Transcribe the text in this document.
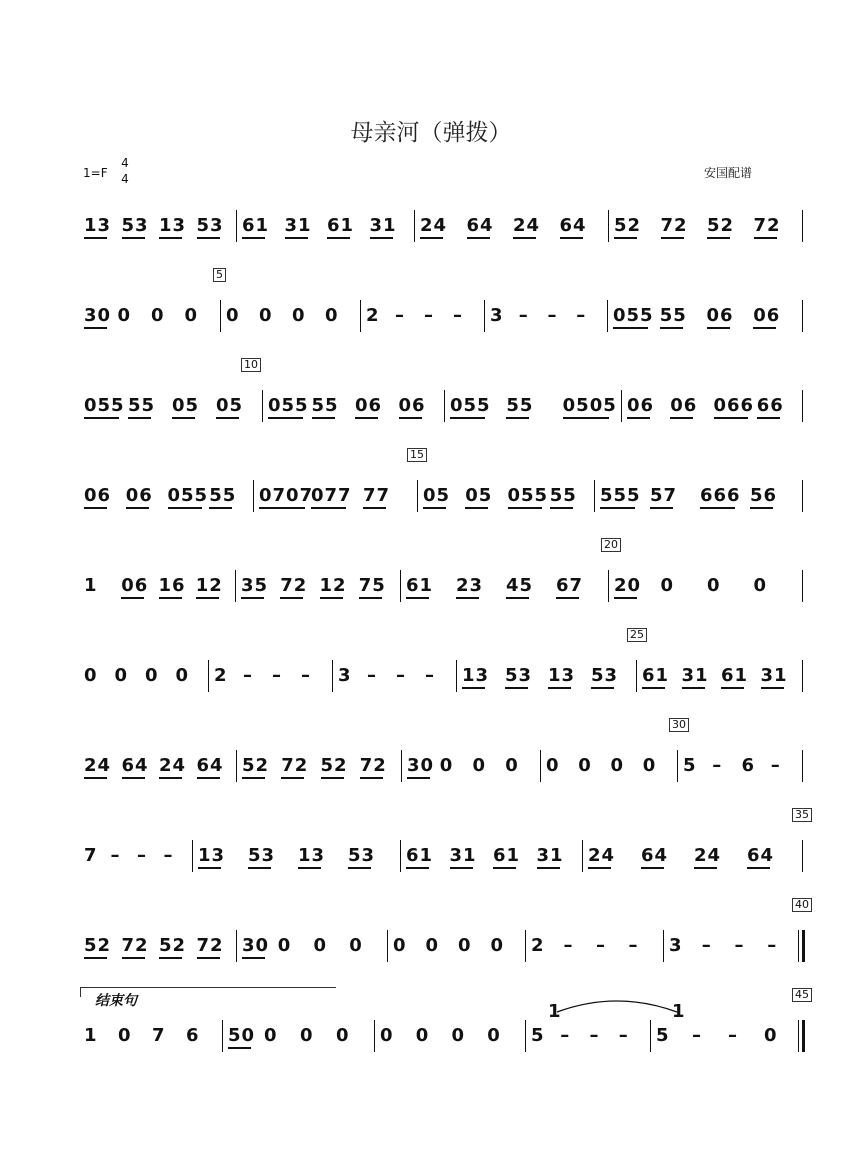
母亲河（弹拨）
1=F
4
4	安国配谱
13 53 13 53 61 31 61 31 24 64 24 64 52 72 52 72
30 0 0 0 0 0 0 0 2 – – – 3 – – – 055 55 06 06
5
055 55 05 05 055 55 06 06 055 55 0505 06 06 066 66
10
06 06 055 55 0707
077 77 05 05 055 55 555 57 666 56
15
1 06 16 12 35 72 12 75 61 23 45 67 20 0 0 0
20
0 0 0 0 2 – – – 3 – – – 13 53 13 53 61 31 61 31
25
24 64 24 64 52 72 52 72 30 0 0 0 0 0 0 0 5 – 6 –
30
7 – – – 13 53 13 53 61 31 61 31 24 64 24 64
35
52 72 52 72 30 0 0 0 0 0 0 0 2 – – – 3 – – –
40
1 0 7 6 50 0 0 0 0 0 0 0 5 – – – 5 – – 0
45
1	1
结束句
